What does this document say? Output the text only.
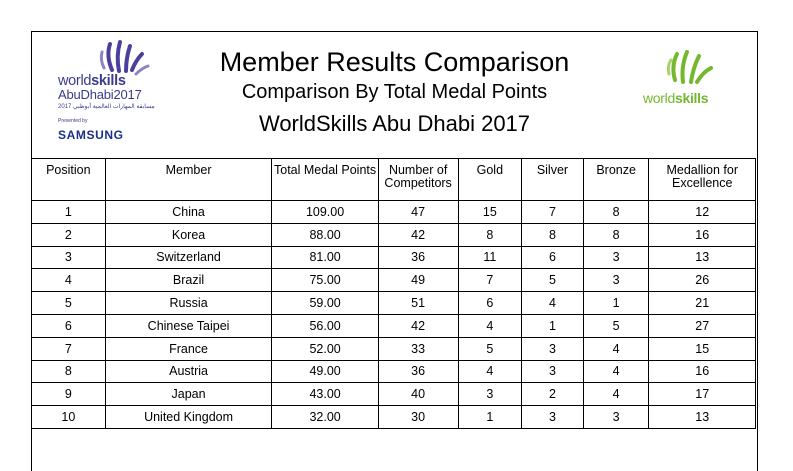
worldskills
AbuDhabi2017
2017 مسابقة المهارات العالمية أبوظبي
Presented by
SAMSUNG
Member Results Comparison
Comparison By Total Medal Points
WorldSkills Abu Dhabi 2017
worldskills
Position	Member	Total Medal Points	Number of Competitors	Gold	Silver	Bronze	Medallion for Excellence
1	China	109.00	47	15	7	8	12
2	Korea	88.00	42	8	8	8	16
3	Switzerland	81.00	36	11	6	3	13
4	Brazil	75.00	49	7	5	3	26
5	Russia	59.00	51	6	4	1	21
6	Chinese Taipei	56.00	42	4	1	5	27
7	France	52.00	33	5	3	4	15
8	Austria	49.00	36	4	3	4	16
9	Japan	43.00	40	3	2	4	17
10	United Kingdom	32.00	30	1	3	3	13
